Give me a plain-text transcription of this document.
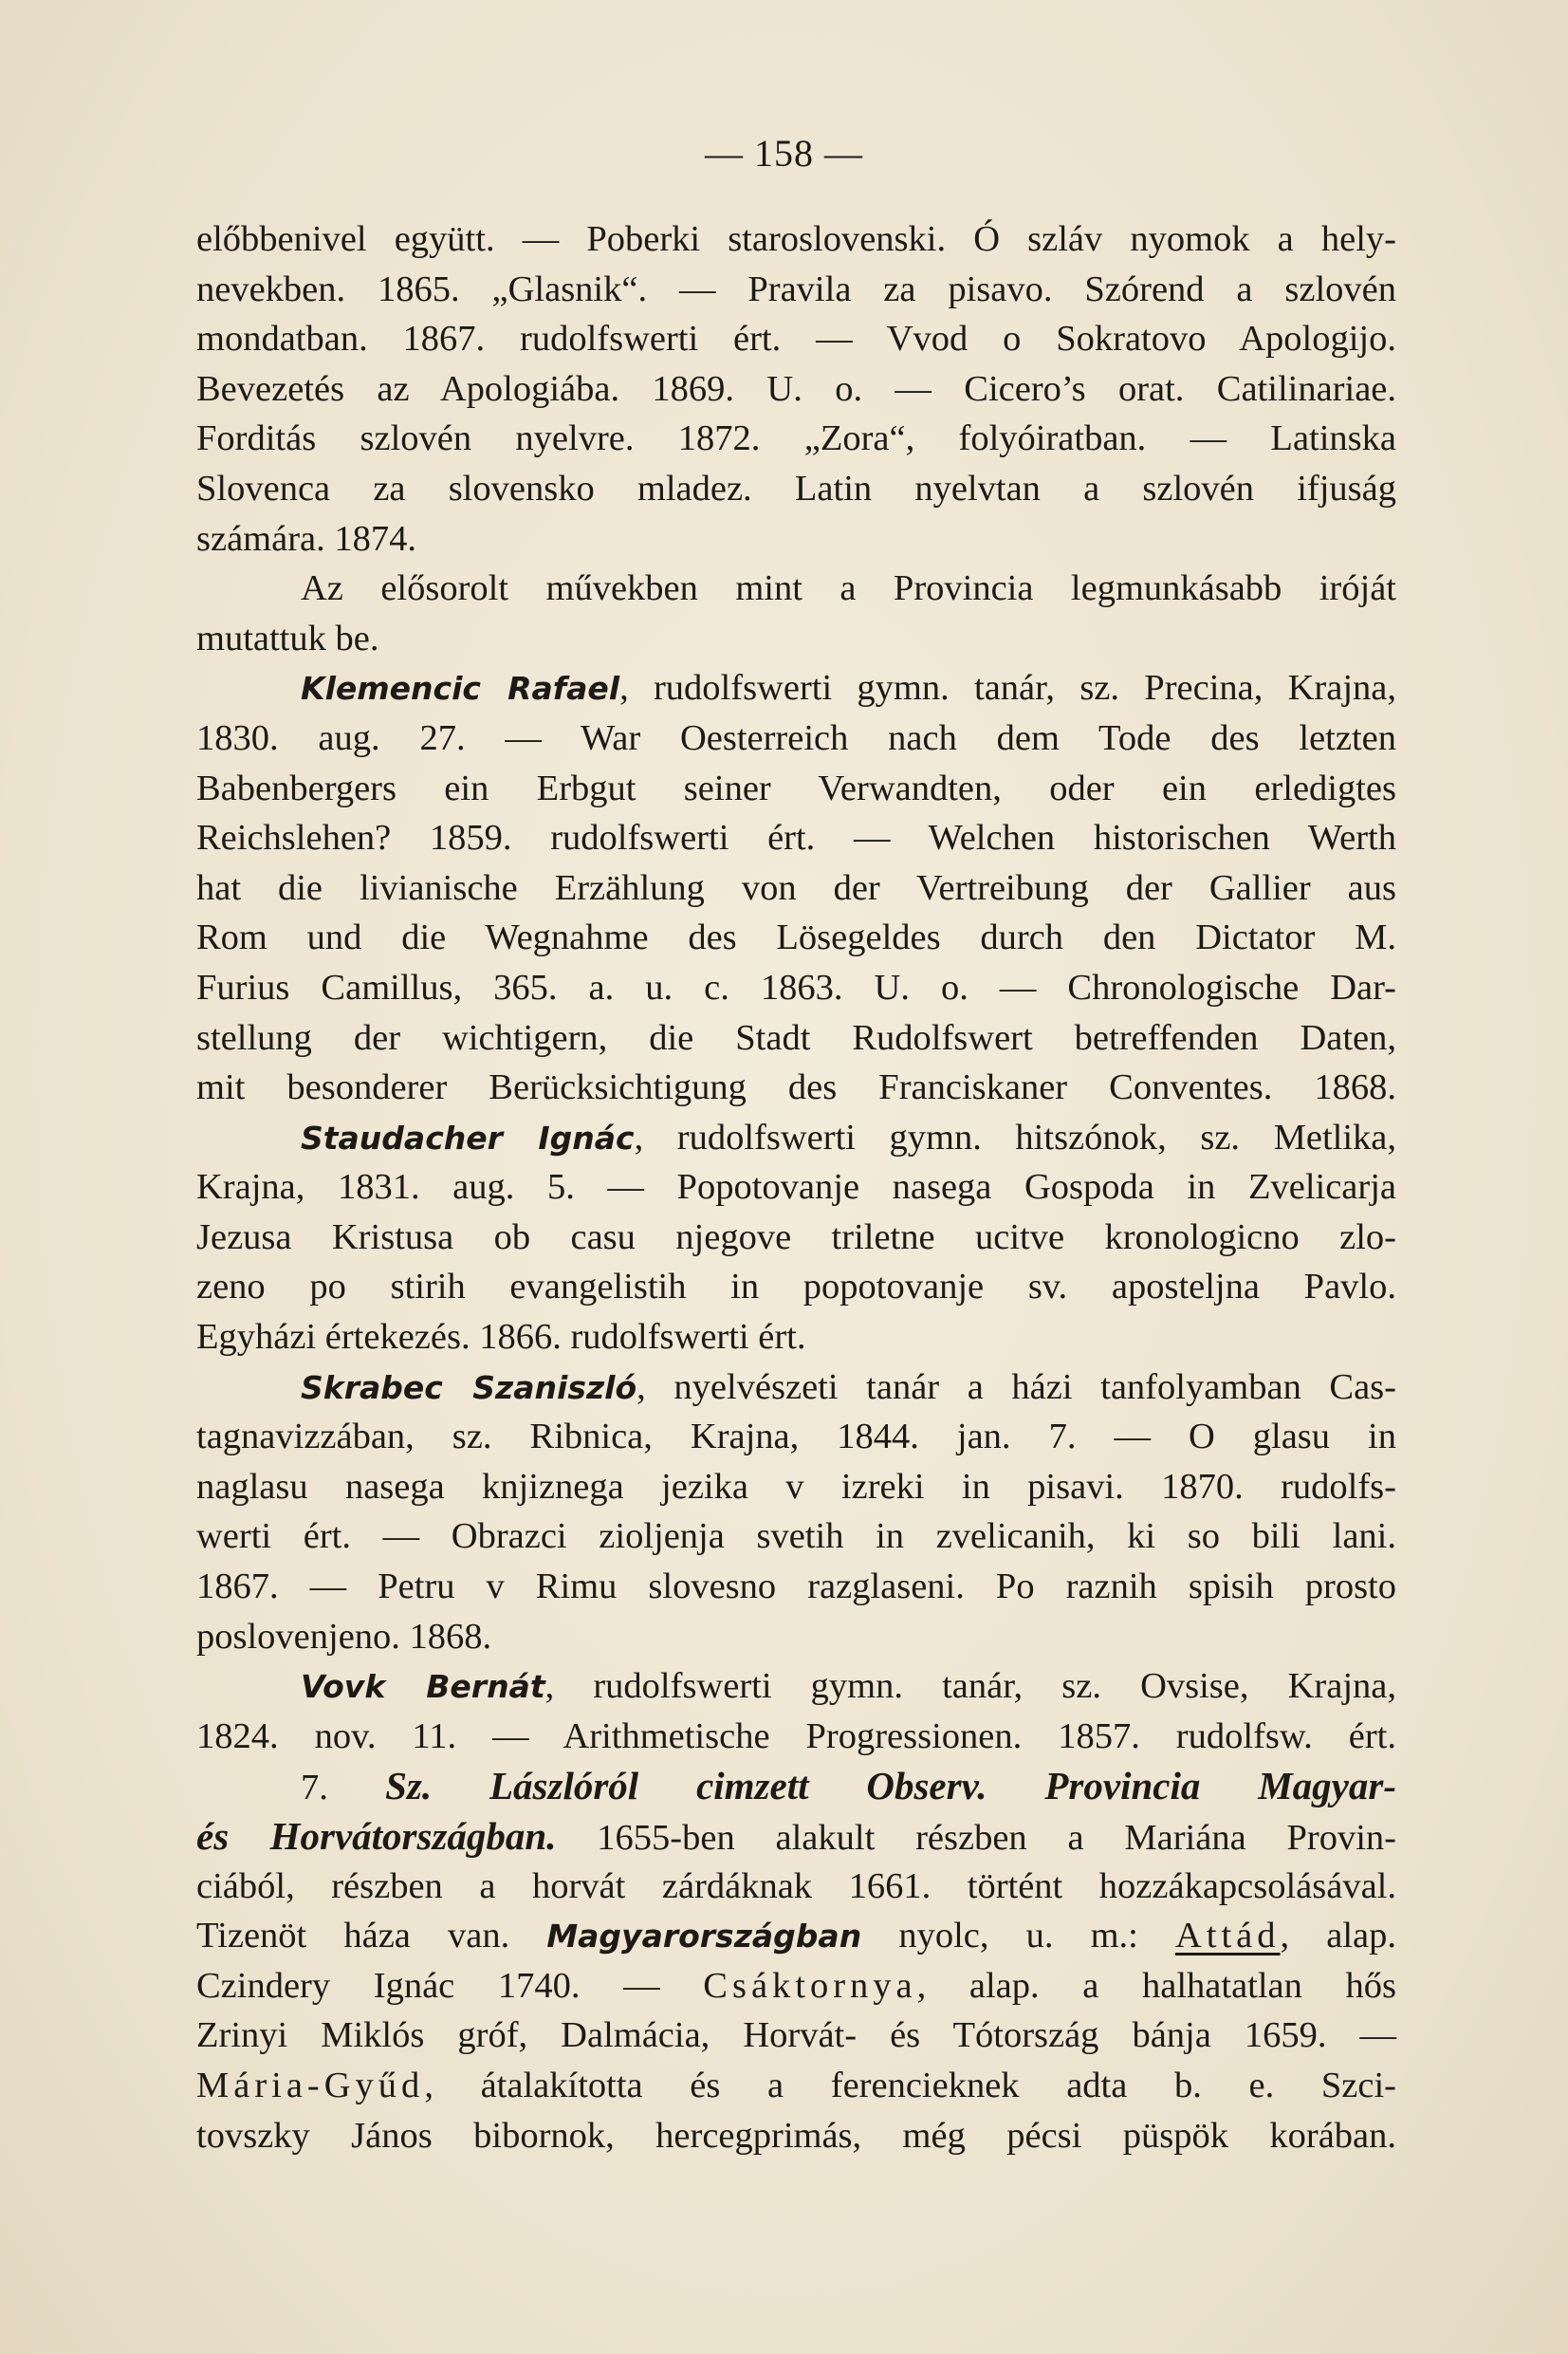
— 158 —
előbbenivel együtt. — Poberki staroslovenski. Ó szláv nyomok a hely-
nevekben. 1865. „Glasnik“. — Pravila za pisavo. Szórend a szlovén
mondatban. 1867. rudolfswerti ért. — Vvod o Sokratovo Apologijo.
Bevezetés az Apologiába. 1869. U. o. — Cicero’s orat. Catilinariae.
Forditás szlovén nyelvre. 1872. „Zora“, folyóiratban. — Latinska
Slovenca za slovensko mladez. Latin nyelvtan a szlovén ifjuság
számára. 1874.
Az elősorolt művekben mint a Provincia legmunkásabb iróját
mutattuk be.
Klemencic Rafael, rudolfswerti gymn. tanár, sz. Precina, Krajna,
1830. aug. 27. — War Oesterreich nach dem Tode des letzten
Babenbergers ein Erbgut seiner Verwandten, oder ein erledigtes
Reichslehen? 1859. rudolfswerti ért. — Welchen historischen Werth
hat die livianische Erzählung von der Vertreibung der Gallier aus
Rom und die Wegnahme des Lösegeldes durch den Dictator M.
Furius Camillus, 365. a. u. c. 1863. U. o. — Chronologische Dar-
stellung der wichtigern, die Stadt Rudolfswert betreffenden Daten,
mit besonderer Berücksichtigung des Franciskaner Conventes. 1868.
Staudacher Ignác, rudolfswerti gymn. hitszónok, sz. Metlika,
Krajna, 1831. aug. 5. — Popotovanje nasega Gospoda in Zvelicarja
Jezusa Kristusa ob casu njegove triletne ucitve kronologicno zlo-
zeno po stirih evangelistih in popotovanje sv. aposteljna Pavlo.
Egyházi értekezés. 1866. rudolfswerti ért.
Skrabec Szaniszló, nyelvészeti tanár a házi tanfolyamban Cas-
tagnavizzában, sz. Ribnica, Krajna, 1844. jan. 7. — O glasu in
naglasu nasega knjiznega jezika v izreki in pisavi. 1870. rudolfs-
werti ért. — Obrazci zioljenja svetih in zvelicanih, ki so bili lani.
1867. — Petru v Rimu slovesno razglaseni. Po raznih spisih prosto
poslovenjeno. 1868.
Vovk Bernát, rudolfswerti gymn. tanár, sz. Ovsise, Krajna,
1824. nov. 11. — Arithmetische Progressionen. 1857. rudolfsw. ért.
7. Sz. Lászlóról cimzett Observ. Provincia Magyar-
és Horvátországban. 1655-ben alakult részben a Mariána Provin-
ciából, részben a horvát zárdáknak 1661. történt hozzákapcsolásával.
Tizenöt háza van. Magyarországban nyolc, u. m.: Attád, alap.
Czindery Ignác 1740. — Csáktornya, alap. a halhatatlan hős
Zrinyi Miklós gróf, Dalmácia, Horvát- és Tótország bánja 1659. —
Mária-Gyűd, átalakította és a ferencieknek adta b. e. Szci-
tovszky János bibornok, hercegprimás, még pécsi püspök korában.
